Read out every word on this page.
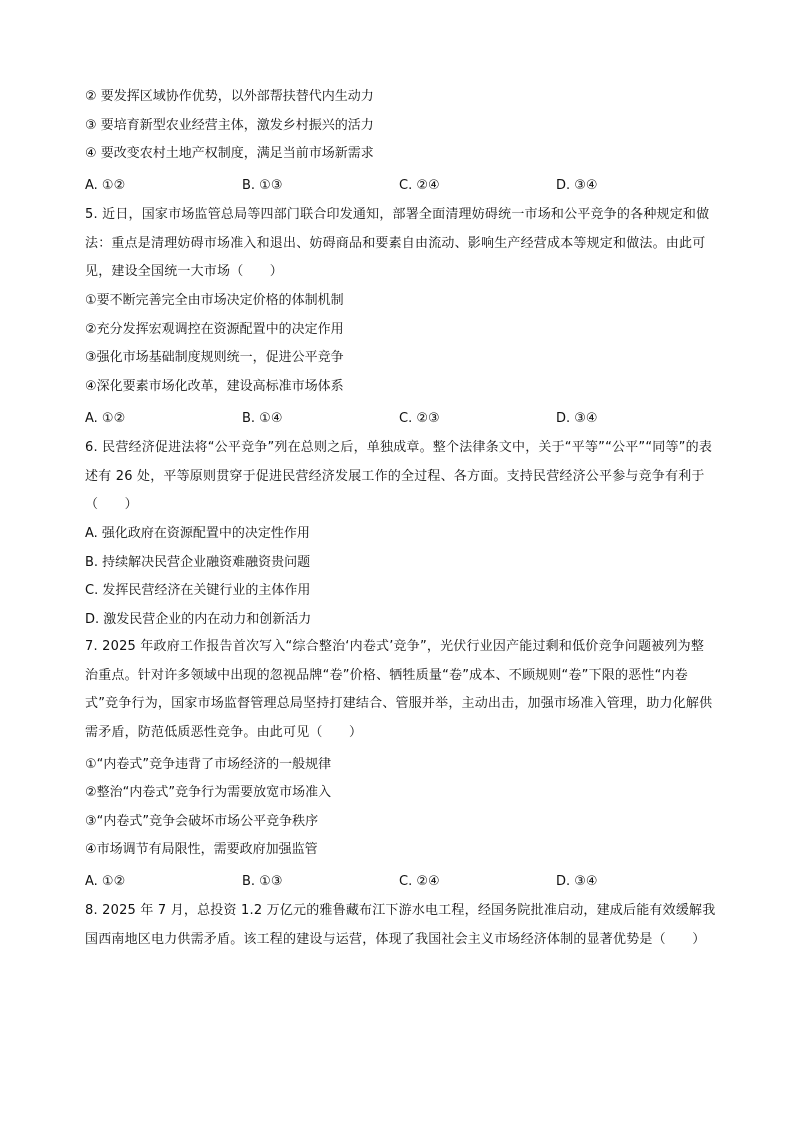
② 要发挥区域协作优势，以外部帮扶替代内生动力
③ 要培育新型农业经营主体，激发乡村振兴的活力
④ 要改变农村土地产权制度，满足当前市场新需求
A. ①②	B. ①③	C. ②④	D. ③④
5. 近日，国家市场监管总局等四部门联合印发通知，部署全面清理妨碍统一市场和公平竞争的各种规定和做法：重点是清理妨碍市场准入和退出、妨碍商品和要素自由流动、影响生产经营成本等规定和做法。由此可见，建设全国统一大市场（　　）
①要不断完善完全由市场决定价格的体制机制
②充分发挥宏观调控在资源配置中的决定作用
③强化市场基础制度规则统一，促进公平竞争
④深化要素市场化改革，建设高标准市场体系
A. ①②	B. ①④	C. ②③	D. ③④
6. 民营经济促进法将“公平竞争”列在总则之后，单独成章。整个法律条文中，关于“平等”“公平”“同等”的表述有 26 处，平等原则贯穿于促进民营经济发展工作的全过程、各方面。支持民营经济公平参与竞争有利于（　　）
A. 强化政府在资源配置中的决定性作用
B. 持续解决民营企业融资难融资贵问题
C. 发挥民营经济在关键行业的主体作用
D. 激发民营企业的内在动力和创新活力
7. 2025 年政府工作报告首次写入“综合整治‘内卷式’竞争”，光伏行业因产能过剩和低价竞争问题被列为整治重点。针对许多领域中出现的忽视品牌“卷”价格、牺牲质量“卷”成本、不顾规则“卷”下限的恶性“内卷式”竞争行为，国家市场监督管理总局坚持打建结合、管服并举，主动出击，加强市场准入管理，助力化解供需矛盾，防范低质恶性竞争。由此可见（　　）
①“内卷式”竞争违背了市场经济的一般规律
②整治“内卷式”竞争行为需要放宽市场准入
③“内卷式”竞争会破坏市场公平竞争秩序
④市场调节有局限性，需要政府加强监管
A. ①②	B. ①③	C. ②④	D. ③④
8. 2025 年 7 月，总投资 1.2 万亿元的雅鲁藏布江下游水电工程，经国务院批准启动，建成后能有效缓解我国西南地区电力供需矛盾。该工程的建设与运营，体现了我国社会主义市场经济体制的显著优势是（　　）
